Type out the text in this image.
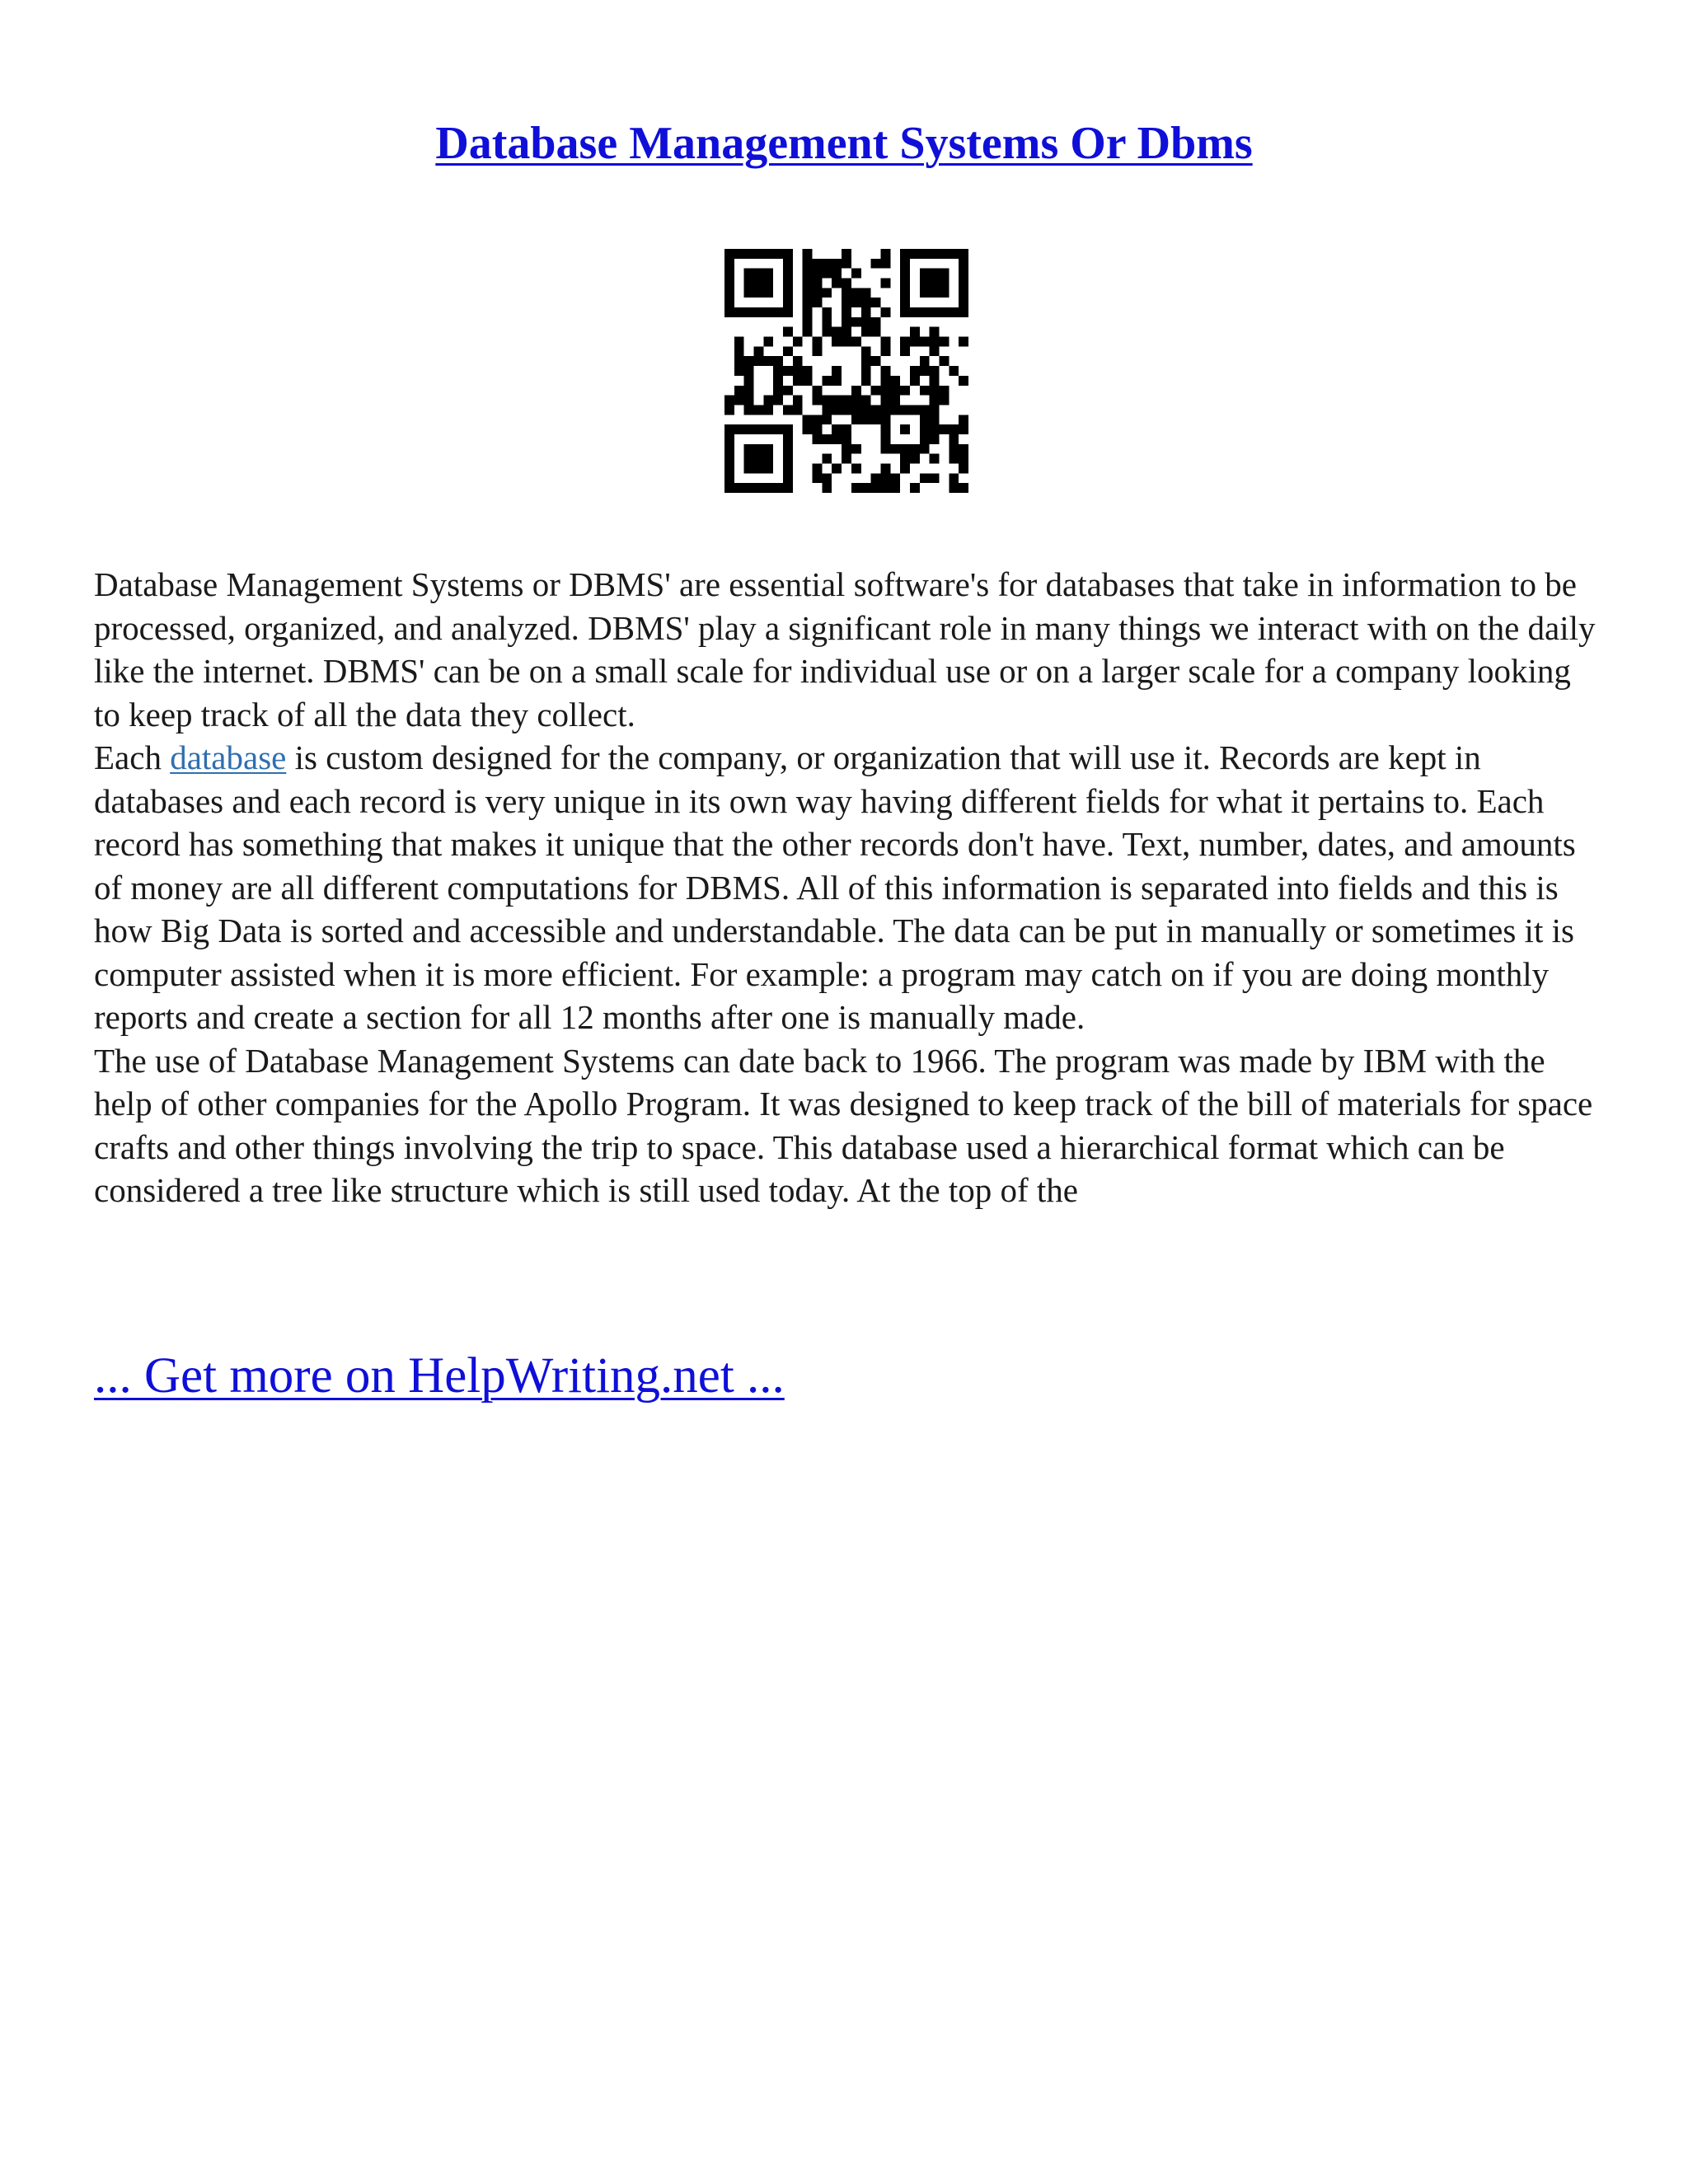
Database Management Systems Or Dbms

Database Management Systems or DBMS' are essential software's for databases that take in information to be processed, organized, and analyzed. DBMS' play a significant role in many things we interact with on the daily like the internet. DBMS' can be on a small scale for individual use or on a larger scale for a company looking to keep track of all the data they collect.

Each database is custom designed for the company, or organization that will use it. Records are kept in databases and each record is very unique in its own way having different fields for what it pertains to. Each record has something that makes it unique that the other records don't have. Text, number, dates, and amounts of money are all different computations for DBMS. All of this information is separated into fields and this is how Big Data is sorted and accessible and understandable. The data can be put in manually or sometimes it is computer assisted when it is more efficient. For example: a program may catch on if you are doing monthly reports and create a section for all 12 months after one is manually made.

The use of Database Management Systems can date back to 1966. The program was made by IBM with the help of other companies for the Apollo Program. It was designed to keep track of the bill of materials for space crafts and other things involving the trip to space. This database used a hierarchical format which can be considered a tree like structure which is still used today. At the top of the

... Get more on HelpWriting.net ...
